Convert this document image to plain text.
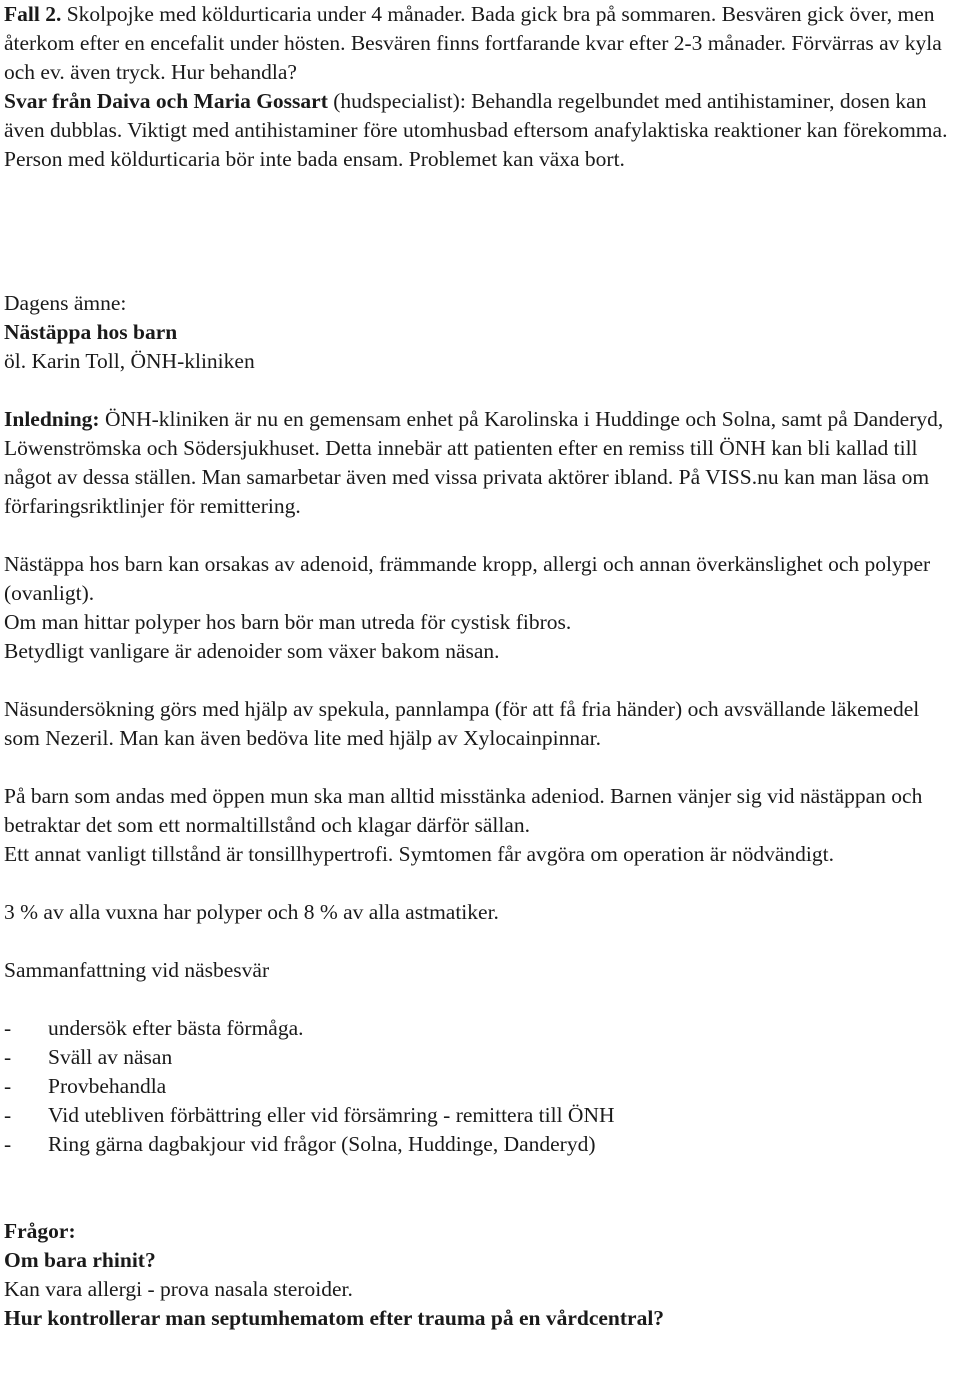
Fall 2. Skolpojke med köldurticaria under 4 månader. Bada gick bra på sommaren. Besvären gick över, men återkom efter en encefalit under hösten. Besvären finns fortfarande kvar efter 2-3 månader. Förvärras av kyla och ev. även tryck. Hur behandla?

Svar från Daiva och Maria Gossart (hudspecialist): Behandla regelbundet med antihistaminer, dosen kan även dubblas. Viktigt med antihistaminer före utomhusbad eftersom anafylaktiska reaktioner kan förekomma. Person med köldurticaria bör inte bada ensam. Problemet kan växa bort.

Dagens ämne:

Nästäppa hos barn

öl. Karin Toll, ÖNH-kliniken

Inledning: ÖNH-kliniken är nu en gemensam enhet på Karolinska i Huddinge och Solna, samt på Danderyd, Löwenströmska och Södersjukhuset. Detta innebär att patienten efter en remiss till ÖNH kan bli kallad till något av dessa ställen. Man samarbetar även med vissa privata aktörer ibland. På VISS.nu kan man läsa om förfaringsriktlinjer för remittering.

Nästäppa hos barn kan orsakas av adenoid, främmande kropp, allergi och annan överkänslighet och polyper (ovanligt).

Om man hittar polyper hos barn bör man utreda för cystisk fibros.

Betydligt vanligare är adenoider som växer bakom näsan.

Näsundersökning görs med hjälp av spekula, pannlampa (för att få fria händer) och avsvällande läkemedel som Nezeril. Man kan även bedöva lite med hjälp av Xylocainpinnar.

På barn som andas med öppen mun ska man alltid misstänka adeniod. Barnen vänjer sig vid nästäppan och betraktar det som ett normaltillstånd och klagar därför sällan.

Ett annat vanligt tillstånd är tonsillhypertrofi. Symtomen får avgöra om operation är nödvändigt.

3 % av alla vuxna har polyper och 8 % av alla astmatiker.

Sammanfattning vid näsbesvär

-	undersök efter bästa förmåga.
-	Sväll av näsan
-	Provbehandla
-	Vid utebliven förbättring eller vid försämring - remittera till ÖNH
-	Ring gärna dagbakjour vid frågor (Solna, Huddinge, Danderyd)

Frågor:

Om bara rhinit?

Kan vara allergi - prova nasala steroider.

Hur kontrollerar man septumhematom efter trauma på en vårdcentral?
